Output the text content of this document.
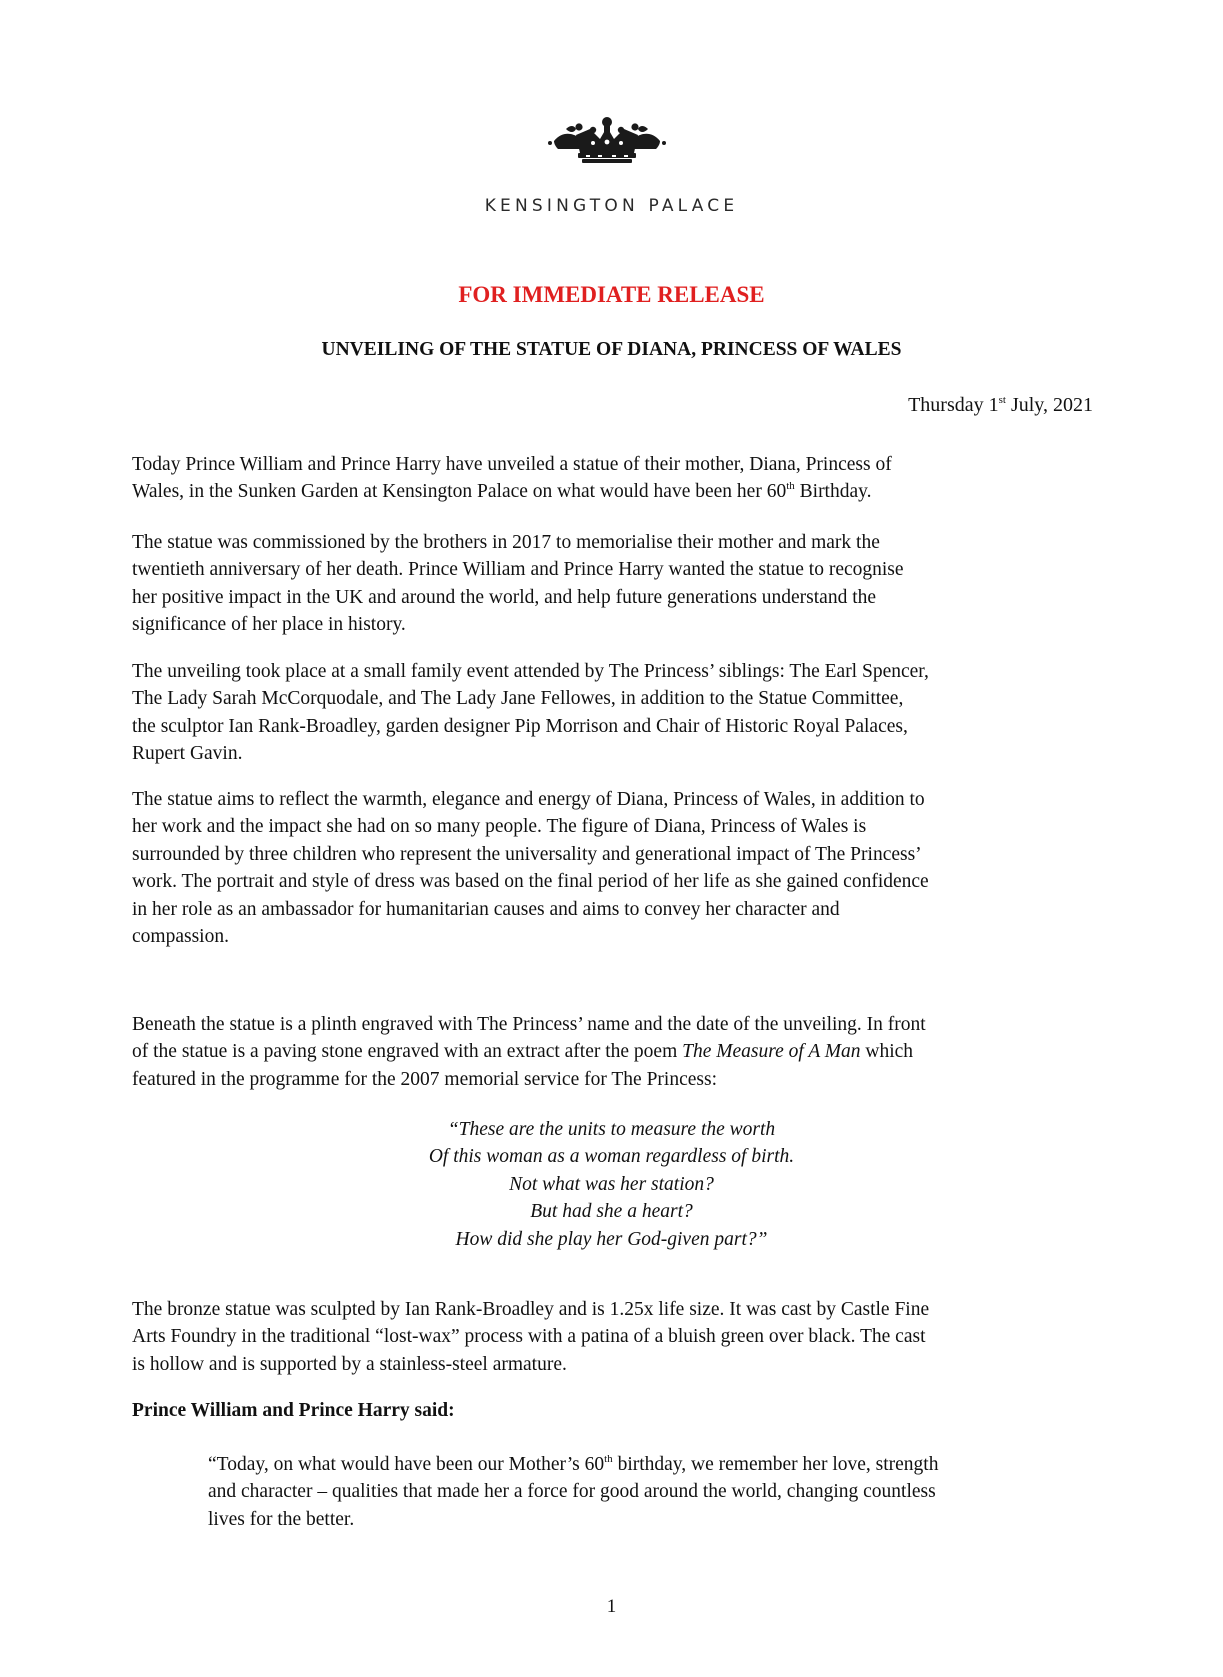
KENSINGTON PALACE
FOR IMMEDIATE RELEASE
UNVEILING OF THE STATUE OF DIANA, PRINCESS OF WALES
Thursday 1st July, 2021

Today Prince William and Prince Harry have unveiled a statue of their mother, Diana, Princess of
Wales, in the Sunken Garden at Kensington Palace on what would have been her 60th Birthday.

The statue was commissioned by the brothers in 2017 to memorialise their mother and mark the
twentieth anniversary of her death. Prince William and Prince Harry wanted the statue to recognise
her positive impact in the UK and around the world, and help future generations understand the
significance of her place in history.

The unveiling took place at a small family event attended by The Princess’ siblings: The Earl Spencer,
The Lady Sarah McCorquodale, and The Lady Jane Fellowes, in addition to the Statue Committee,
the sculptor Ian Rank-Broadley, garden designer Pip Morrison and Chair of Historic Royal Palaces,
Rupert Gavin.

The statue aims to reflect the warmth, elegance and energy of Diana, Princess of Wales, in addition to
her work and the impact she had on so many people. The figure of Diana, Princess of Wales is
surrounded by three children who represent the universality and generational impact of The Princess’
work. The portrait and style of dress was based on the final period of her life as she gained confidence
in her role as an ambassador for humanitarian causes and aims to convey her character and
compassion.

Beneath the statue is a plinth engraved with The Princess’ name and the date of the unveiling. In front
of the statue is a paving stone engraved with an extract after the poem The Measure of A Man which
featured in the programme for the 2007 memorial service for The Princess:

“These are the units to measure the worth
Of this woman as a woman regardless of birth.
Not what was her station?
But had she a heart?
How did she play her God-given part?”

The bronze statue was sculpted by Ian Rank-Broadley and is 1.25x life size. It was cast by Castle Fine
Arts Foundry in the traditional “lost-wax” process with a patina of a bluish green over black. The cast
is hollow and is supported by a stainless-steel armature.

Prince William and Prince Harry said:

“Today, on what would have been our Mother’s 60th birthday, we remember her love, strength
and character – qualities that made her a force for good around the world, changing countless
lives for the better.

1
